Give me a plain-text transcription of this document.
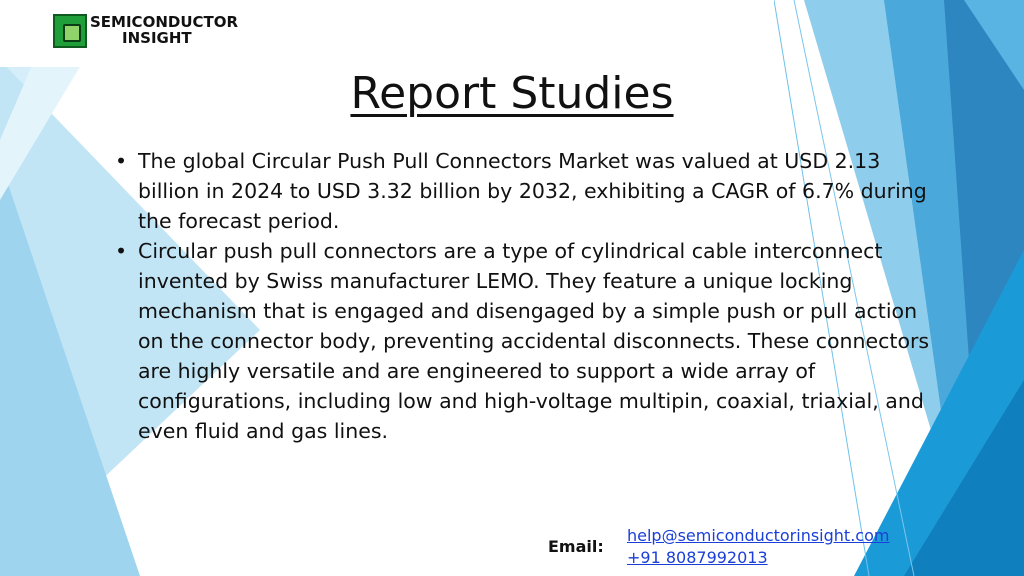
SEMICONDUCTOR
INSIGHT
Report Studies
• The global Circular Push Pull Connectors Market was valued at USD 2.13 billion in 2024 to USD 3.32 billion by 2032, exhibiting a CAGR of 6.7% during the forecast period.
• Circular push pull connectors are a type of cylindrical cable interconnect invented by Swiss manufacturer LEMO. They feature a unique locking mechanism that is engaged and disengaged by a simple push or pull action on the connector body, preventing accidental disconnects. These connectors are highly versatile and are engineered to support a wide array of configurations, including low and high-voltage multipin, coaxial, triaxial, and even fluid and gas lines.
Email:
help@semiconductorinsight.com
+91 8087992013
